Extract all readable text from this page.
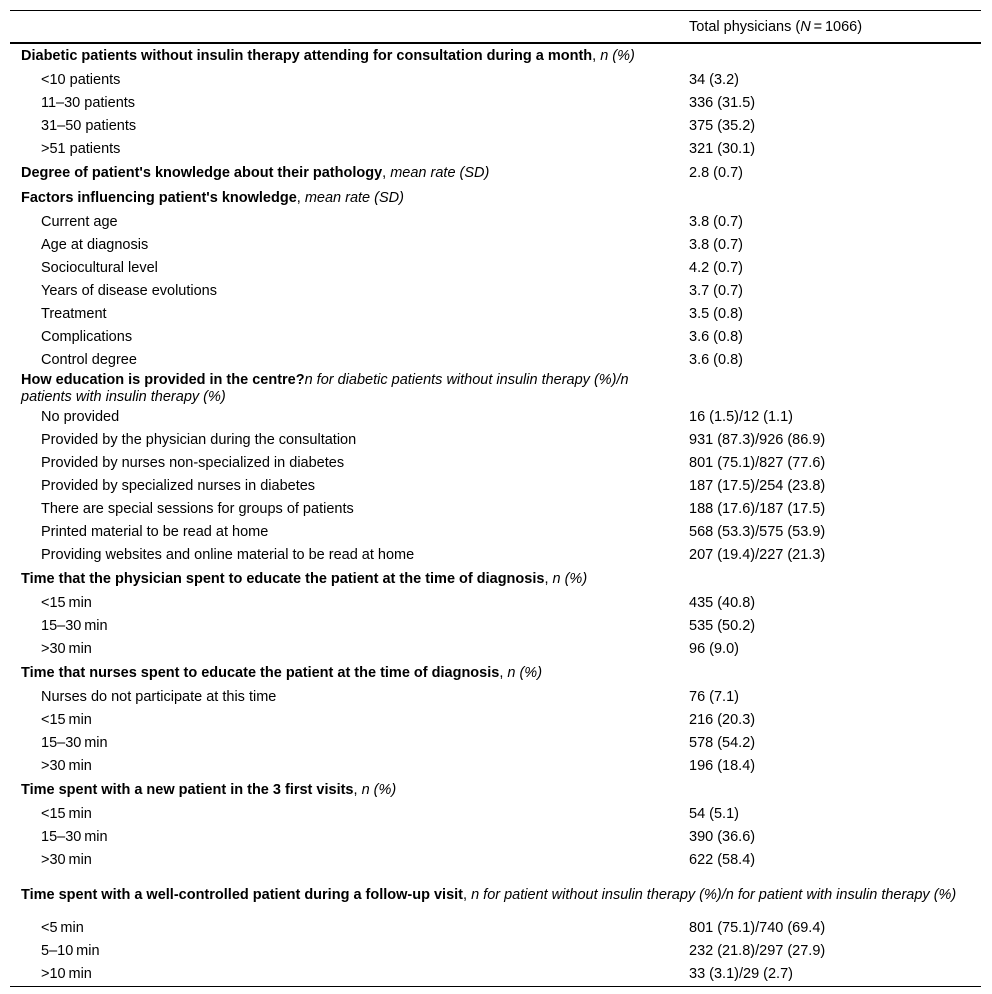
	Total physicians (N = 1066)
Diabetic patients without insulin therapy attending for consultation during a month, n (%)	
<10 patients	34 (3.2)
11–30 patients	336 (31.5)
31–50 patients	375 (35.2)
>51 patients	321 (30.1)
Degree of patient's knowledge about their pathology, mean rate (SD)	2.8 (0.7)
Factors influencing patient's knowledge, mean rate (SD)	
Current age	3.8 (0.7)
Age at diagnosis	3.8 (0.7)
Sociocultural level	4.2 (0.7)
Years of disease evolutions	3.7 (0.7)
Treatment	3.5 (0.8)
Complications	3.6 (0.8)
Control degree	3.6 (0.8)
How education is provided in the centre?n for diabetic patients without insulin therapy (%)/n patients with insulin therapy (%)	
No provided	16 (1.5)/12 (1.1)
Provided by the physician during the consultation	931 (87.3)/926 (86.9)
Provided by nurses non-specialized in diabetes	801 (75.1)/827 (77.6)
Provided by specialized nurses in diabetes	187 (17.5)/254 (23.8)
There are special sessions for groups of patients	188 (17.6)/187 (17.5)
Printed material to be read at home	568 (53.3)/575 (53.9)
Providing websites and online material to be read at home	207 (19.4)/227 (21.3)
Time that the physician spent to educate the patient at the time of diagnosis, n (%)	
<15 min	435 (40.8)
15–30 min	535 (50.2)
>30 min	96 (9.0)
Time that nurses spent to educate the patient at the time of diagnosis, n (%)	
Nurses do not participate at this time	76 (7.1)
<15 min	216 (20.3)
15–30 min	578 (54.2)
>30 min	196 (18.4)
Time spent with a new patient in the 3 first visits, n (%)	
<15 min	54 (5.1)
15–30 min	390 (36.6)
>30 min	622 (58.4)
Time spent with a well-controlled patient during a follow-up visit, n for patient without insulin therapy (%)/n for patient with insulin therapy (%)	
<5 min	801 (75.1)/740 (69.4)
5–10 min	232 (21.8)/297 (27.9)
>10 min	33 (3.1)/29 (2.7)
